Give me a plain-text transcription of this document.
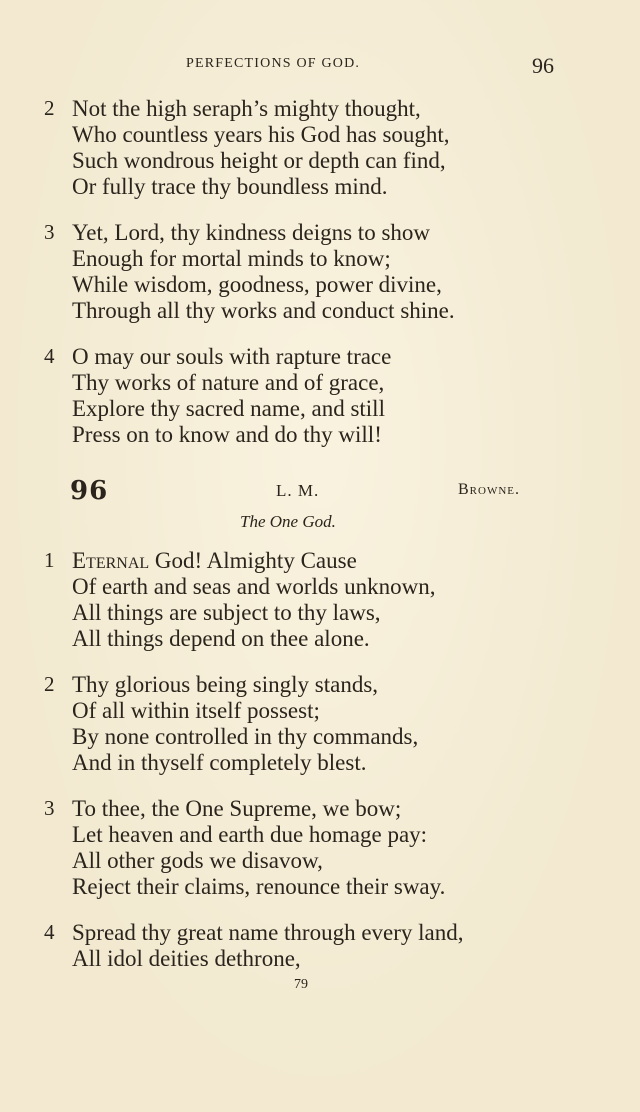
PERFECTIONS OF GOD.	96
2 Not the high seraph’s mighty thought,
Who countless years his God has sought,
Such wondrous height or depth can find,
Or fully trace thy boundless mind.
3 Yet, Lord, thy kindness deigns to show
Enough for mortal minds to know;
While wisdom, goodness, power divine,
Through all thy works and conduct shine.
4 O may our souls with rapture trace
Thy works of nature and of grace,
Explore thy sacred name, and still
Press on to know and do thy will!
96	L. M.	Browne.
The One God.
1 Eternal God! Almighty Cause
Of earth and seas and worlds unknown,
All things are subject to thy laws,
All things depend on thee alone.
2 Thy glorious being singly stands,
Of all within itself possest;
By none controlled in thy commands,
And in thyself completely blest.
3 To thee, the One Supreme, we bow;
Let heaven and earth due homage pay:
All other gods we disavow,
Reject their claims, renounce their sway.
4 Spread thy great name through every land,
All idol deities dethrone,
79
